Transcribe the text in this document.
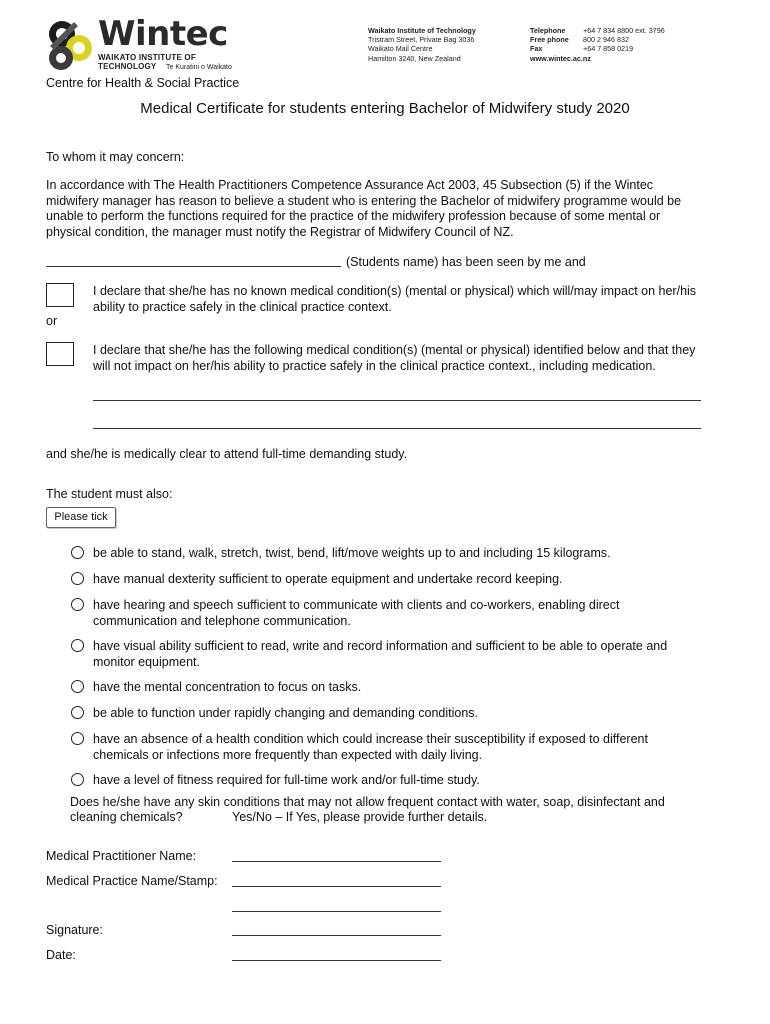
Wintec
WAIKATO INSTITUTE OF TECHNOLOGY	Te Kuratini o Waikato
Waikato Institute of Technology
Tristram Street, Private Bag 3036
Waikato Mail Centre
Hamilton 3240, New Zealand
Telephone	+64 7 834 8800 ext. 3796
Free phone	800 2 946 832
Fax	+64 7 858 0219
www.wintec.ac.nz
Centre for Health & Social Practice
Medical Certificate for students entering Bachelor of Midwifery study 2020
To whom it may concern:
In accordance with The Health Practitioners Competence Assurance Act 2003, 45 Subsection (5) if the Wintec
midwifery manager has reason to believe a student who is entering the Bachelor of midwifery programme would be
unable to perform the functions required for the practice of the midwifery profession because of some mental or
physical condition, the manager must notify the Registrar of Midwifery Council of NZ.
(Students name) has been seen by me and
I declare that she/he has no known medical condition(s) (mental or physical) which will/may impact on her/his
ability to practice safely in the clinical practice context.
or
I declare that she/he has the following medical condition(s) (mental or physical) identified below and that they
will not impact on her/his ability to practice safely in the clinical practice context., including medication.
and she/he is medically clear to attend full-time demanding study.
The student must also:
Please tick
be able to stand, walk, stretch, twist, bend, lift/move weights up to and including 15 kilograms.
have manual dexterity sufficient to operate equipment and undertake record keeping.
have hearing and speech sufficient to communicate with clients and co-workers, enabling direct
communication and telephone communication.
have visual ability sufficient to read, write and record information and sufficient to be able to operate and
monitor equipment.
have the mental concentration to focus on tasks.
be able to function under rapidly changing and demanding conditions.
have an absence of a health condition which could increase their susceptibility if exposed to different
chemicals or infections more frequently than expected with daily living.
have a level of fitness required for full-time work and/or full-time study.
Does he/she have any skin conditions that may not allow frequent contact with water, soap, disinfectant and
cleaning chemicals?	Yes/No – If Yes, please provide further details.
Medical Practitioner Name:
Medical Practice Name/Stamp:
Signature:
Date:
